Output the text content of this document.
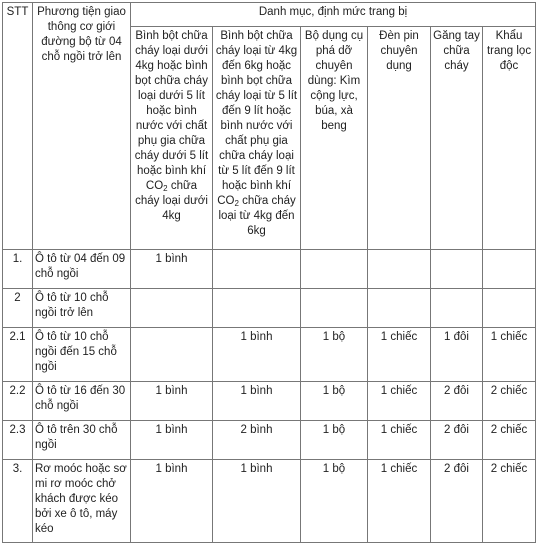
STT	Phương tiện giao thông cơ giới đường bộ từ 04 chỗ ngồi trở lên	Danh mục, định mức trang bị					
		Bình bột chữa cháy loại dưới 4kg hoặc bình bọt chữa cháy loại dưới 5 lít hoặc bình nước với chất phụ gia chữa cháy dưới 5 lít hoặc bình khí $CO_2$ chữa cháy loại dưới 4kg	Bình bột chữa cháy loại từ 4kg đến 6kg hoặc bình bọt chữa cháy loại từ 5 lít đến 9 lít hoặc bình nước với chất phụ gia chữa cháy loại từ 5 lít đến 9 lít hoặc bình khí $CO_2$ chữa cháy loại từ 4kg đến 6kg	Bộ dụng cụ phá dỡ chuyên dùng: Kìm cộng lực, búa, xà beng	Đèn pin chuyên dụng	Găng tay chữa cháy	Khẩu trang lọc độc
1.	Ô tô từ 04 đến 09 chỗ ngồi	1 bình					
2	Ô tô từ 10 chỗ ngồi trở lên						
2.1	Ô tô từ 10 chỗ ngồi đến 15 chỗ ngồi		1 bình	1 bộ	1 chiếc	1 đôi	1 chiếc
2.2	Ô tô từ 16 đến 30 chỗ ngồi	1 bình	1 bình	1 bộ	1 chiếc	2 đôi	2 chiếc
2.3	Ô tô trên 30 chỗ ngồi	1 bình	2 bình	1 bộ	1 chiếc	2 đôi	2 chiếc
3.	Rơ moóc hoặc sơ mi rơ moóc chở khách được kéo bởi xe ô tô, máy kéo	1 bình	1 bình	1 bộ	1 chiếc	2 đôi	2 chiếc
